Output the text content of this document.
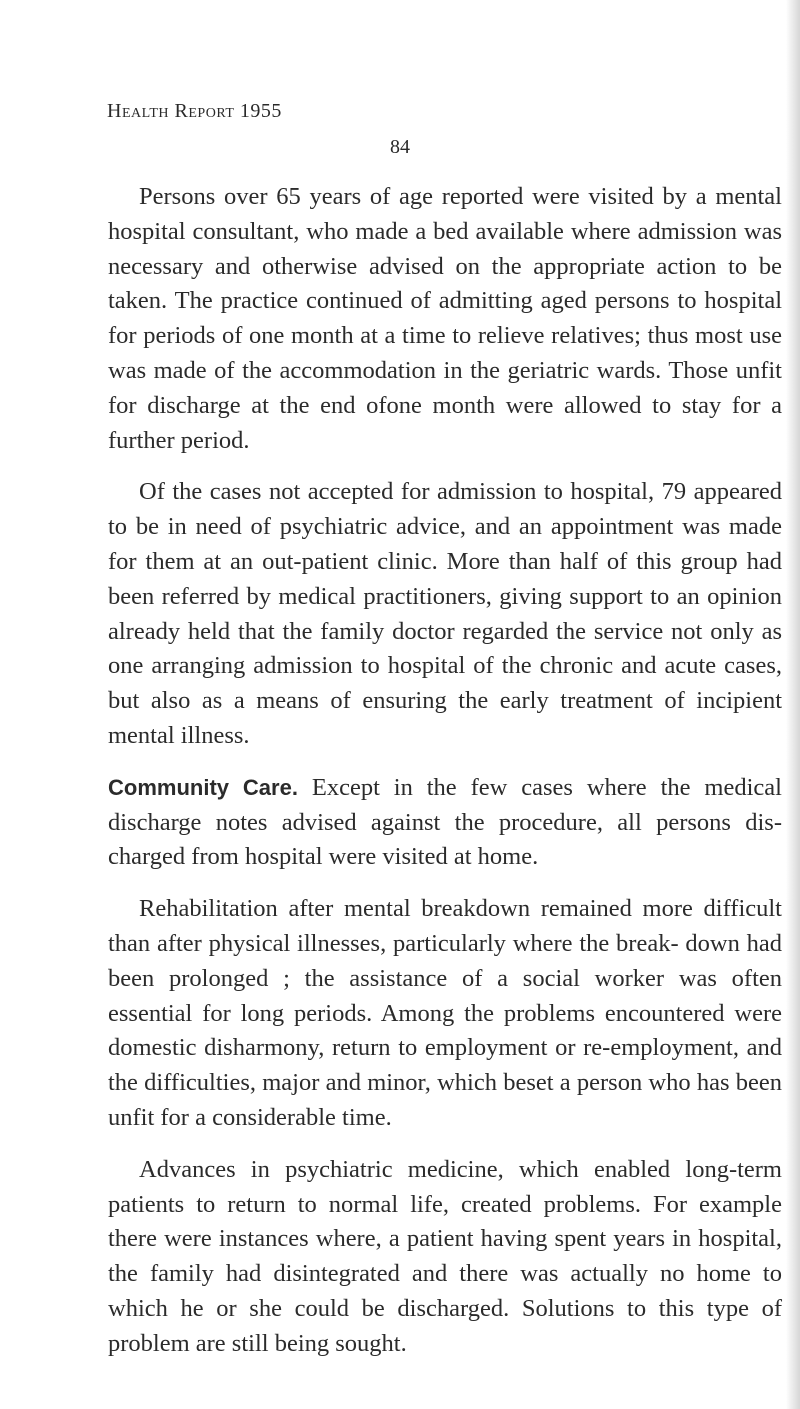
Health Report 1955
84

Persons over 65 years of age reported were visited by a mental hospital consultant, who made a bed available where admission was necessary and otherwise advised on the appropriate action to be taken. The practice continued of admitting aged persons to hospital for periods of one month at a time to relieve relatives; thus most use was made of the accommodation in the geriatric wards. Those unfit for discharge at the end ofone month were allowed to stay for a further period.

Of the cases not accepted for admission to hospital, 79 appeared to be in need of psychiatric advice, and an appointment was made for them at an out-patient clinic. More than half of this group had been referred by medical practitioners, giving support to an opinion already held that the family doctor regarded the service not only as one arranging admission to hospital of the chronic and acute cases, but also as a means of ensuring the early treatment of incipient mental illness.

Community Care. Except in the few cases where the medical discharge notes advised against the procedure, all persons dis- charged from hospital were visited at home.

Rehabilitation after mental breakdown remained more difficult than after physical illnesses, particularly where the break- down had been prolonged ; the assistance of a social worker was often essential for long periods. Among the problems encountered were domestic disharmony, return to employment or re-employment, and the difficulties, major and minor, which beset a person who has been unfit for a considerable time.

Advances in psychiatric medicine, which enabled long-term patients to return to normal life, created problems. For example there were instances where, a patient having spent years in hospital, the family had disintegrated and there was actually no home to which he or she could be discharged. Solutions to this type of problem are still being sought.
